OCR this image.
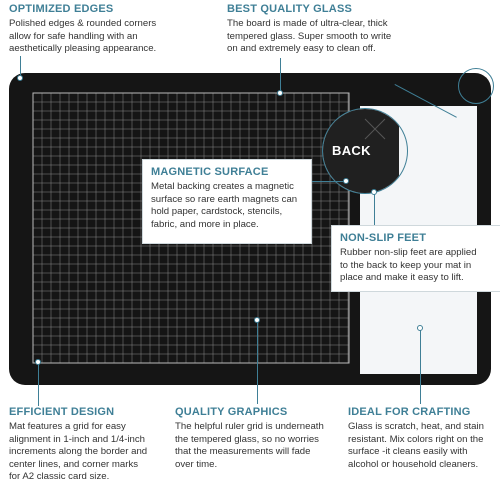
BACK
OPTIMIZED EDGES
Polished edges & rounded corners
allow for safe handling with an
aesthetically pleasing appearance.
BEST QUALITY GLASS
The board is made of ultra-clear, thick
tempered glass. Super smooth to write
on and extremely easy to clean off.
MAGNETIC SURFACE
Metal backing creates a magnetic
surface so rare earth magnets can
hold paper, cardstock, stencils,
fabric, and more in place.
NON-SLIP FEET
Rubber non-slip feet are applied
to the back to keep your mat in
place and make it easy to lift.
EFFICIENT DESIGN
Mat features a grid for easy
alignment in 1-inch and 1/4-inch
increments along the border and
center lines, and corner marks
for A2 classic card size.
QUALITY GRAPHICS
The helpful ruler grid is underneath
the tempered glass, so no worries
that the measurements will fade
over time.
IDEAL FOR CRAFTING
Glass is scratch, heat, and stain
resistant. Mix colors right on the
surface -it cleans easily with
alcohol or household cleaners.
